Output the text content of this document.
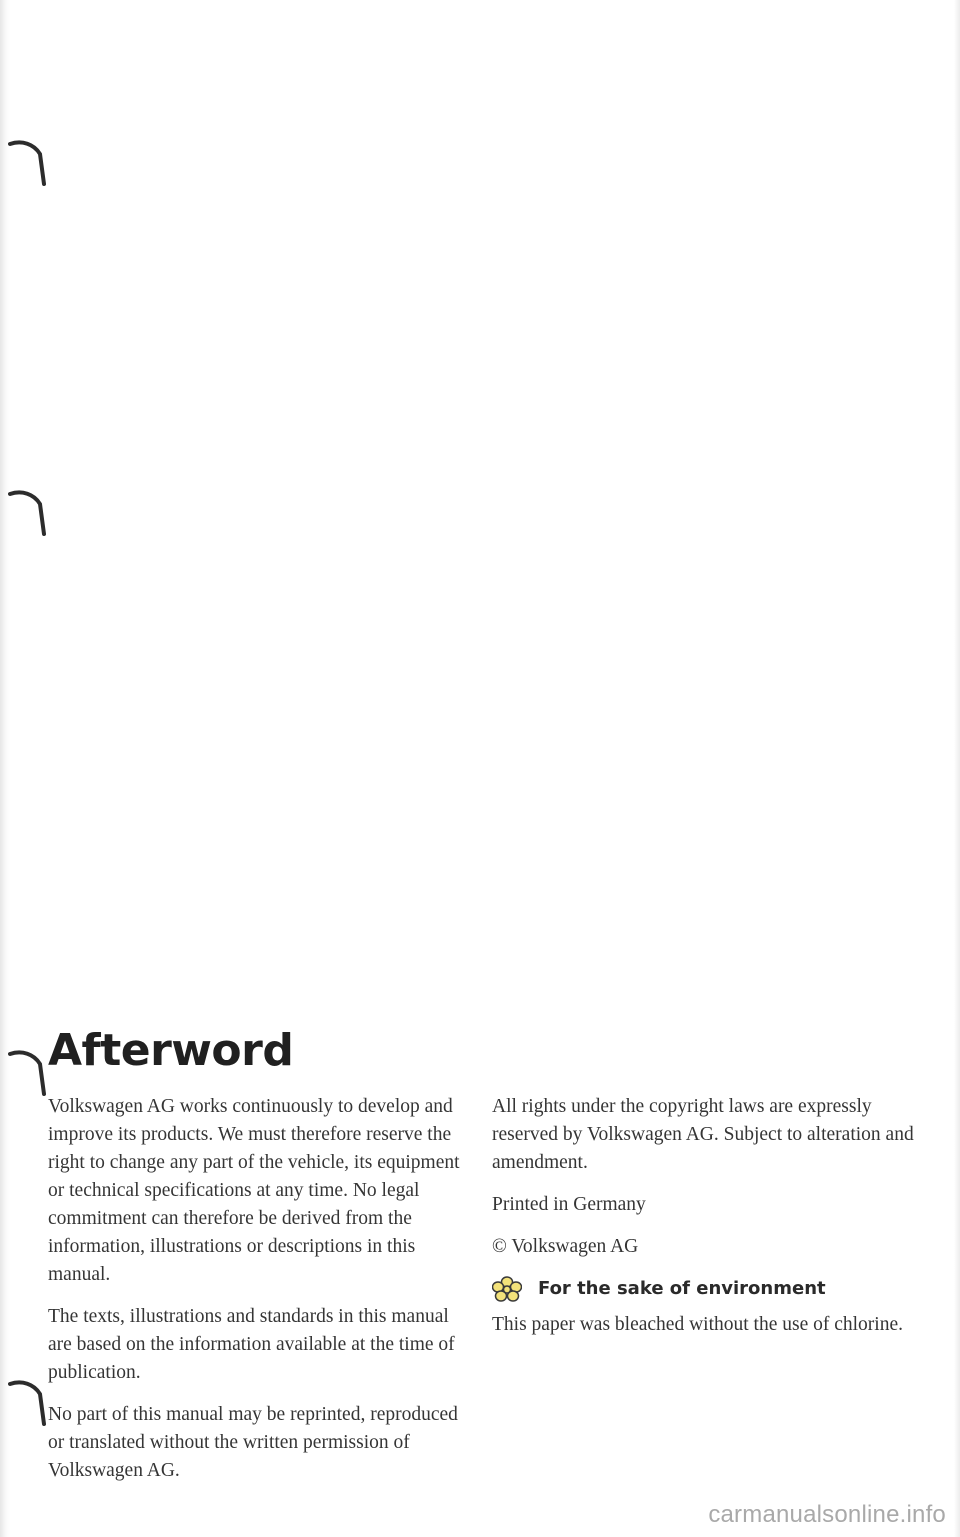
Afterword

Volkswagen AG works continuously to develop and improve its products. We must therefore reserve the right to change any part of the vehicle, its equipment or technical specifications at any time. No legal commitment can therefore be derived from the information, illustrations or descriptions in this manual.

The texts, illustrations and standards in this manual are based on the information available at the time of publication.

No part of this manual may be reprinted, reproduced or translated without the written permission of Volkswagen AG.

All rights under the copyright laws are expressly reserved by Volkswagen AG. Subject to alteration and amendment.

Printed in Germany

© Volkswagen AG

For the sake of environment

This paper was bleached without the use of chlorine.

carmanualsonline.info
